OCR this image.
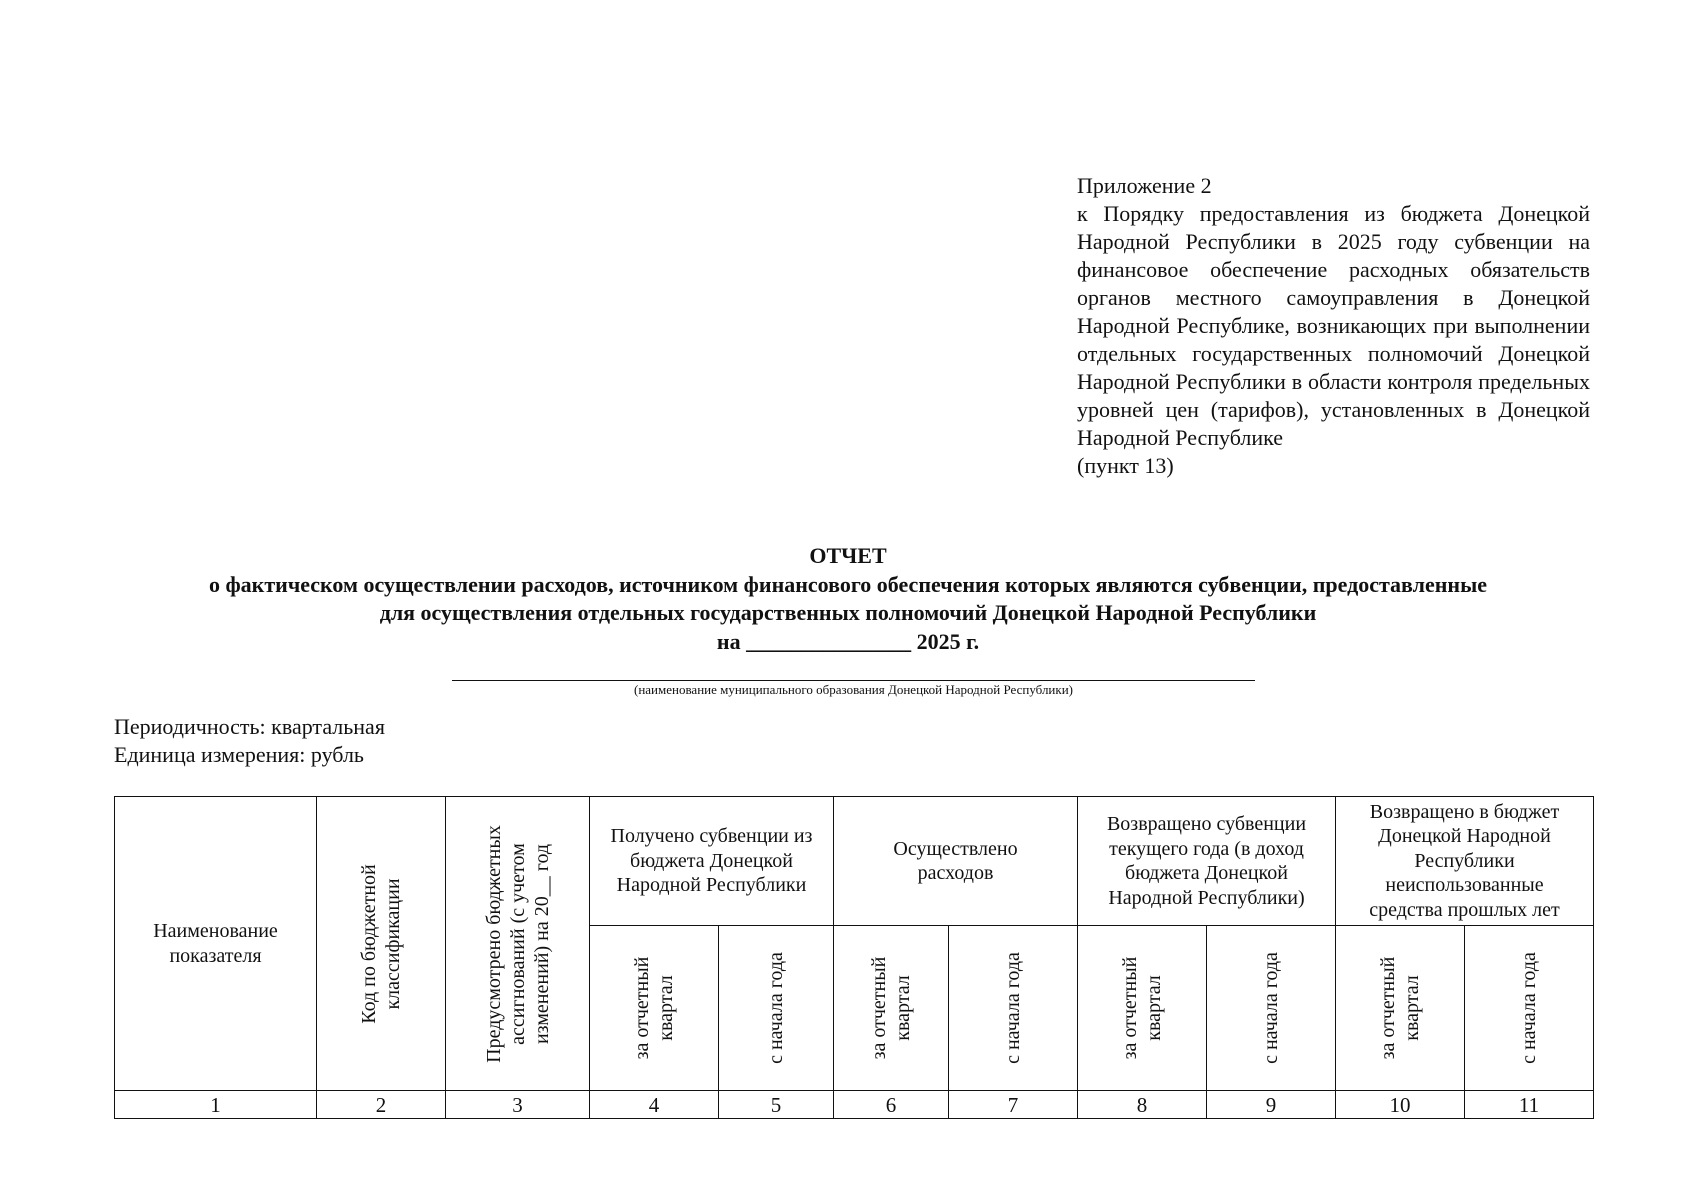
Приложение 2
к Порядку предоставления из бюджета Донецкой Народной Республики в 2025 году субвенции на финансовое обеспечение расходных обязательств органов местного самоуправления в Донецкой Народной Республике, возникающих при выполнении отдельных государственных полномочий Донецкой Народной Республики в области контроля предельных уровней цен (тарифов), установленных в Донецкой Народной Республике
(пункт 13)
ОТЧЕТ
о фактическом осуществлении расходов, источником финансового обеспечения которых являются субвенции, предоставленные
для осуществления отдельных государственных полномочий Донецкой Народной Республики
на _______________ 2025 г.
(наименование муниципального образования Донецкой Народной Республики)
Периодичность: квартальная
Единица измерения: рубль
Наименование показателя	Код по бюджетной классификации	Предусмотрено бюджетных ассигнований (с учетом изменений) на 20__ год	Получено субвенции из бюджета Донецкой Народной Республики		Осуществлено расходов		Возвращено субвенции текущего года (в доход бюджета Донецкой Народной Республики)		Возвращено в бюджет Донецкой Народной Республики неиспользованные средства прошлых лет	

			за отчетный квартал	с начала года	за отчетный квартал	с начала года	за отчетный квартал	с начала года	за отчетный квартал	с начала года

1	2	3	4	5	6	7	8	9	10	11
